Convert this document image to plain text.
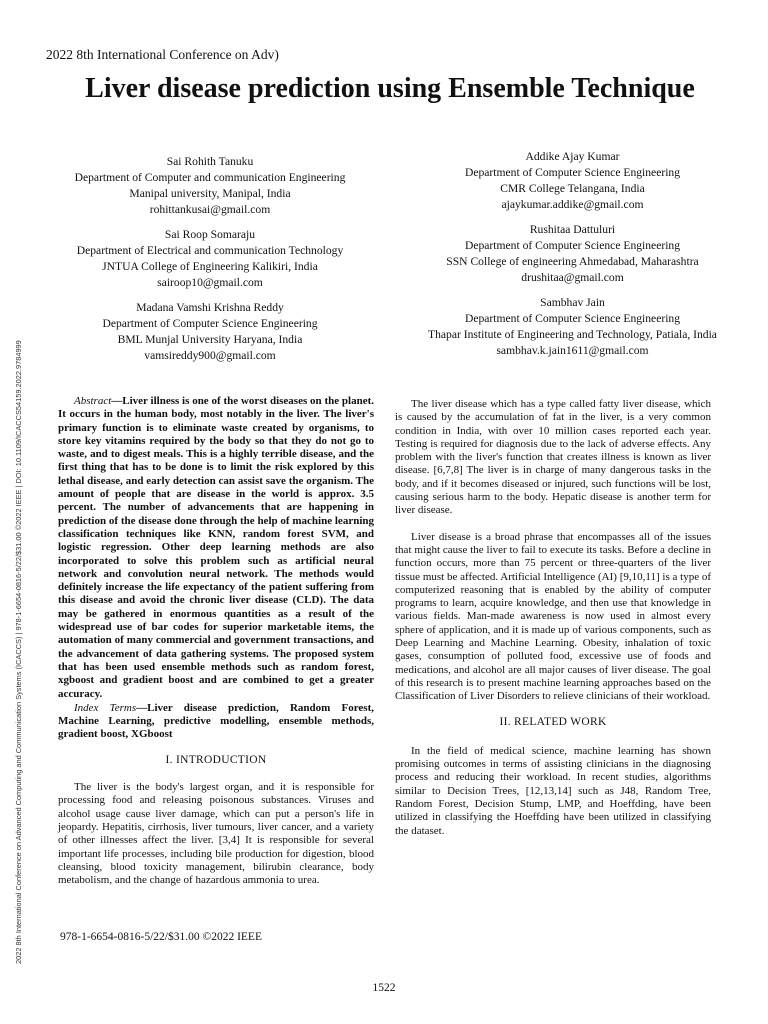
2022 8th International Conference on Adv)
Liver disease prediction using Ensemble Technique
2022 8th International Conference on Advanced Computing and Communication Systems (ICACCS) | 978-1-6654-0816-5/22/$31.00 ©2022 IEEE | DOI: 10.1109/ICACCS54159.2022.9784999
Sai Rohith Tanuku
Department of Computer and communication Engineering
Manipal university, Manipal, India
rohittankusai@gmail.com
Sai Roop Somaraju
Department of Electrical and communication Technology
JNTUA College of Engineering Kalikiri, India
sairoop10@gmail.com
Madana Vamshi Krishna Reddy
Department of Computer Science Engineering
BML Munjal University Haryana, India
vamsireddy900@gmail.com
Addike Ajay Kumar
Department of Computer Science Engineering
CMR College Telangana, India
ajaykumar.addike@gmail.com
Rushitaa Dattuluri
Department of Computer Science Engineering
SSN College of engineering Ahmedabad, Maharashtra
drushitaa@gmail.com
Sambhav Jain
Department of Computer Science Engineering
Thapar Institute of Engineering and Technology, Patiala, India
sambhav.k.jain1611@gmail.com

Abstract—Liver illness is one of the worst diseases on the planet. It occurs in the human body, most notably in the liver. The liver's primary function is to eliminate waste created by organisms, to store key vitamins required by the body so that they do not go to waste, and to digest meals. This is a highly terrible disease, and the first thing that has to be done is to limit the risk explored by this lethal disease, and early detection can assist save the organism. The amount of people that are disease in the world is approx. 3.5 percent. The number of advancements that are happening in prediction of the disease done through the help of machine learning classification techniques like KNN, random forest SVM, and logistic regression. Other deep learning methods are also incorporated to solve this problem such as artificial neural network and convolution neural network. The methods would definitely increase the life expectancy of the patient suffering from this disease and avoid the chronic liver disease (CLD). The data may be gathered in enormous quantities as a result of the widespread use of bar codes for superior marketable items, the automation of many commercial and government transactions, and the advancement of data gathering systems. The proposed system that has been used ensemble methods such as random forest, xgboost and gradient boost and are combined to get a greater accuracy.

Index Terms—Liver disease prediction, Random Forest, Machine Learning, predictive modelling, ensemble methods, gradient boost, XGboost

I. INTRODUCTION

The liver is the body's largest organ, and it is responsible for processing food and releasing poisonous substances. Viruses and alcohol usage cause liver damage, which can put a person's life in jeopardy. Hepatitis, cirrhosis, liver tumours, liver cancer, and a variety of other illnesses affect the liver. [3,4] It is responsible for several important life processes, including bile production for digestion, blood cleansing, blood toxicity management, bilirubin clearance, body metabolism, and the change of hazardous ammonia to urea.

The liver disease which has a type called fatty liver disease, which is caused by the accumulation of fat in the liver, is a very common condition in India, with over 10 million cases reported each year. Testing is required for diagnosis due to the lack of adverse effects. Any problem with the liver's function that creates illness is known as liver disease. [6,7,8] The liver is in charge of many dangerous tasks in the body, and if it becomes diseased or injured, such functions will be lost, causing serious harm to the body. Hepatic disease is another term for liver disease.

Liver disease is a broad phrase that encompasses all of the issues that might cause the liver to fail to execute its tasks. Before a decline in function occurs, more than 75 percent or three-quarters of the liver tissue must be affected. Artificial Intelligence (AI) [9,10,11] is a type of computerized reasoning that is enabled by the ability of computer programs to learn, acquire knowledge, and then use that knowledge in various fields. Man-made awareness is now used in almost every sphere of application, and it is made up of various components, such as Deep Learning and Machine Learning. Obesity, inhalation of toxic gases, consumption of polluted food, excessive use of foods and medications, and alcohol are all major causes of liver disease. The goal of this research is to present machine learning approaches based on the Classification of Liver Disorders to relieve clinicians of their workload.

II. RELATED WORK

In the field of medical science, machine learning has shown promising outcomes in terms of assisting clinicians in the diagnosing process and reducing their workload. In recent studies, algorithms similar to Decision Trees, [12,13,14] such as J48, Random Tree, Random Forest, Decision Stump, LMP, and Hoeffding, have been utilized in classifying the Hoeffding have been utilized in classifying the dataset.

978-1-6654-0816-5/22/$31.00 ©2022 IEEE
1522
